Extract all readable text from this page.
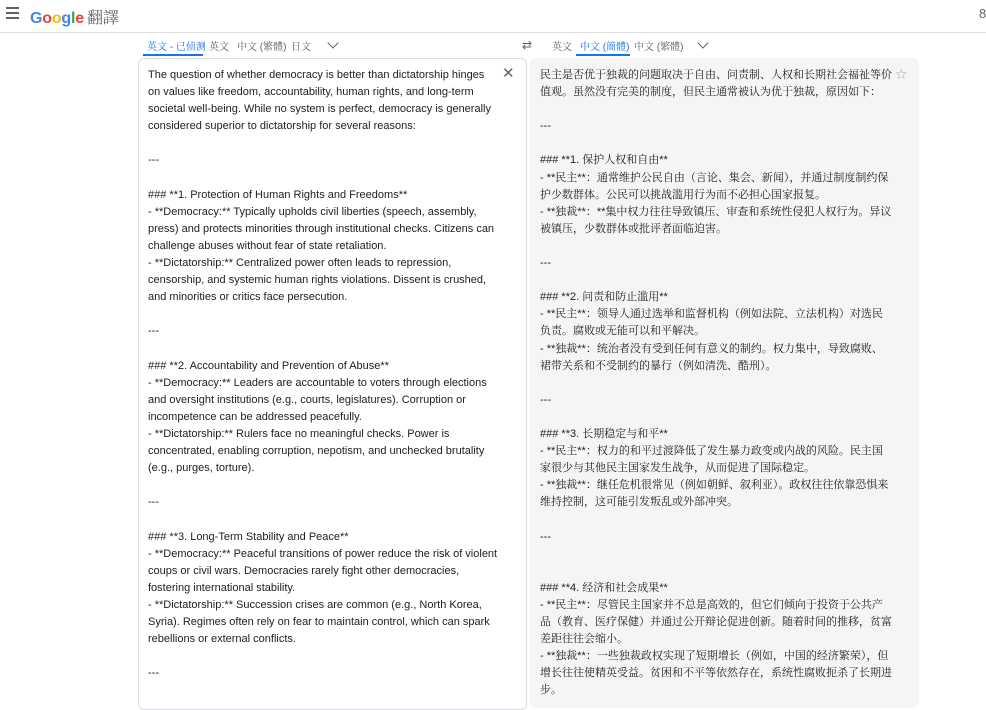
Google 翻譯	8
英文 - 已侦测 英文 中文 (繁體) 日文	⇄ 英文 中文 (簡體) 中文 (繁體)

The question of whether democracy is better than dictatorship hinges on values like freedom, accountability, human rights, and long-term societal well-being. While no system is perfect, democracy is generally considered superior to dictatorship for several reasons:

---

### **1. Protection of Human Rights and Freedoms**

- **Democracy:** Typically upholds civil liberties (speech, assembly, press) and protects minorities through institutional checks. Citizens can challenge abuses without fear of state retaliation.

- **Dictatorship:** Centralized power often leads to repression, censorship, and systemic human rights violations. Dissent is crushed, and minorities or critics face persecution.

---

### **2. Accountability and Prevention of Abuse**

- **Democracy:** Leaders are accountable to voters through elections and oversight institutions (e.g., courts, legislatures). Corruption or incompetence can be addressed peacefully.

- **Dictatorship:** Rulers face no meaningful checks. Power is concentrated, enabling corruption, nepotism, and unchecked brutality (e.g., purges, torture).

---

### **3. Long-Term Stability and Peace**

- **Democracy:** Peaceful transitions of power reduce the risk of violent coups or civil wars. Democracies rarely fight other democracies, fostering international stability.

- **Dictatorship:** Succession crises are common (e.g., North Korea, Syria). Regimes often rely on fear to maintain control, which can spark rebellions or external conflicts.

---

✕ 民主是否优于独裁的问题取决于自由、问责制、人权和长期社会福祉等价值观。虽然没有完美的制度，但民主通常被认为优于独裁，原因如下：

---

### **1. 保护人权和自由**

- **民主**：通常维护公民自由（言论、集会、新闻），并通过制度制约保护少数群体。公民可以挑战滥用行为而不必担心国家报复。

- **独裁**：**集中权力往往导致镇压、审查和系统性侵犯人权行为。异议被镇压，少数群体或批评者面临迫害。

---

### **2. 问责和防止滥用**

- **民主**：领导人通过选举和监督机构（例如法院、立法机构）对选民负责。腐败或无能可以和平解决。

- **独裁**：统治者没有受到任何有意义的制约。权力集中，导致腐败、裙带关系和不受制约的暴行（例如清洗、酷刑）。

---

### **3. 长期稳定与和平**

- **民主**：权力的和平过渡降低了发生暴力政变或内战的风险。民主国家很少与其他民主国家发生战争，从而促进了国际稳定。

- **独裁**：继任危机很常见（例如朝鲜、叙利亚）。政权往往依靠恐惧来维持控制，这可能引发叛乱或外部冲突。

---

### **4. 经济和社会成果**

- **民主**：尽管民主国家并不总是高效的，但它们倾向于投资于公共产品（教育、医疗保健）并通过公开辩论促进创新。随着时间的推移，贫富差距往往会缩小。

- **独裁**：一些独裁政权实现了短期增长（例如，中国的经济繁荣），但增长往往使精英受益。贫困和不平等依然存在，系统性腐败扼杀了长期进步。

☆
